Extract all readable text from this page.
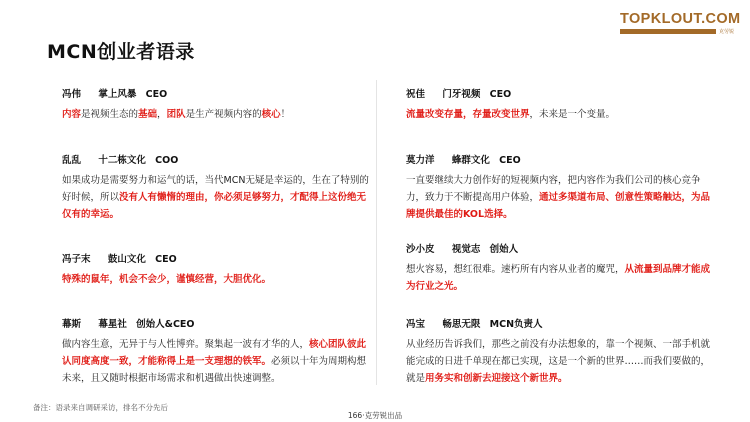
MCN创业者语录
TOPKLOUT.COM
克劳锐
冯伟 掌上风暴 CEO
内容是视频生态的基础，团队是生产视频内容的核心！
乱乱 十二栋文化 COO
如果成功是需要努力和运气的话，当代MCN无疑是幸运的，生在了特别的好时候，所以没有人有懒惰的理由，你必须足够努力，才配得上这份绝无仅有的幸运。
冯子末 鼓山文化 CEO
特殊的鼠年，机会不会少，谨慎经营，大胆优化。
幕斯 幕星社 创始人&CEO
做内容生意，无异于与人性博弈。聚集起一波有才华的人，核心团队彼此认同度高度一致，才能称得上是一支理想的铁军。必须以十年为周期构想未来，且又随时根据市场需求和机遇做出快速调整。
祝佳 门牙视频 CEO
流量改变存量，存量改变世界，未来是一个变量。
莫力洋 蜂群文化 CEO
一直要继续大力创作好的短视频内容，把内容作为我们公司的核心竞争力，致力于不断提高用户体验，通过多渠道布局、创意性策略触达，为品牌提供最佳的KOL选择。
沙小皮 视觉志 创始人
想火容易，想红很难。速朽所有内容从业者的魔咒，从流量到品牌才能成为行业之光。
冯宝 畅思无限 MCN负责人
从业经历告诉我们，那些之前没有办法想象的，靠一个视频、一部手机就能完成的日进千单现在都已实现，这是一个新的世界……而我们要做的，就是用务实和创新去迎接这个新世界。
备注：语录来自调研采访，排名不分先后
166·克劳锐出品
